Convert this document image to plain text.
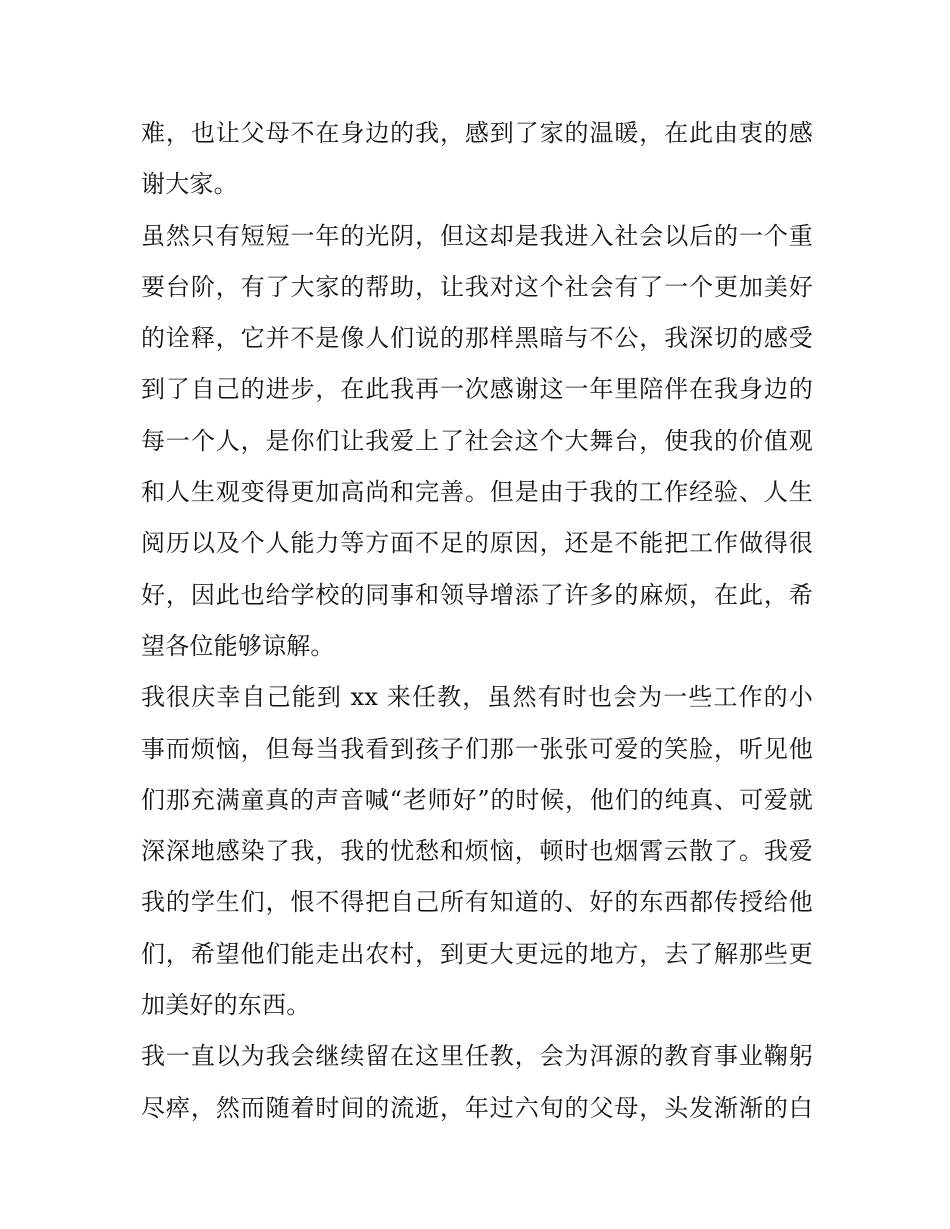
难，也让父母不在身边的我，感到了家的温暖，在此由衷的感
谢大家。
虽然只有短短一年的光阴，但这却是我进入社会以后的一个重
要台阶，有了大家的帮助，让我对这个社会有了一个更加美好
的诠释，它并不是像人们说的那样黑暗与不公，我深切的感受
到了自己的进步，在此我再一次感谢这一年里陪伴在我身边的
每一个人，是你们让我爱上了社会这个大舞台，使我的价值观
和人生观变得更加高尚和完善。但是由于我的工作经验、人生
阅历以及个人能力等方面不足的原因，还是不能把工作做得很
好，因此也给学校的同事和领导增添了许多的麻烦，在此，希
望各位能够谅解。
我很庆幸自己能到 xx 来任教，虽然有时也会为一些工作的小
事而烦恼，但每当我看到孩子们那一张张可爱的笑脸，听见他
们那充满童真的声音喊“老师好”的时候，他们的纯真、可爱就
深深地感染了我，我的忧愁和烦恼，顿时也烟霄云散了。我爱
我的学生们，恨不得把自己所有知道的、好的东西都传授给他
们，希望他们能走出农村，到更大更远的地方，去了解那些更
加美好的东西。
我一直以为我会继续留在这里任教，会为洱源的教育事业鞠躬
尽瘁，然而随着时间的流逝，年过六旬的父母，头发渐渐的白
